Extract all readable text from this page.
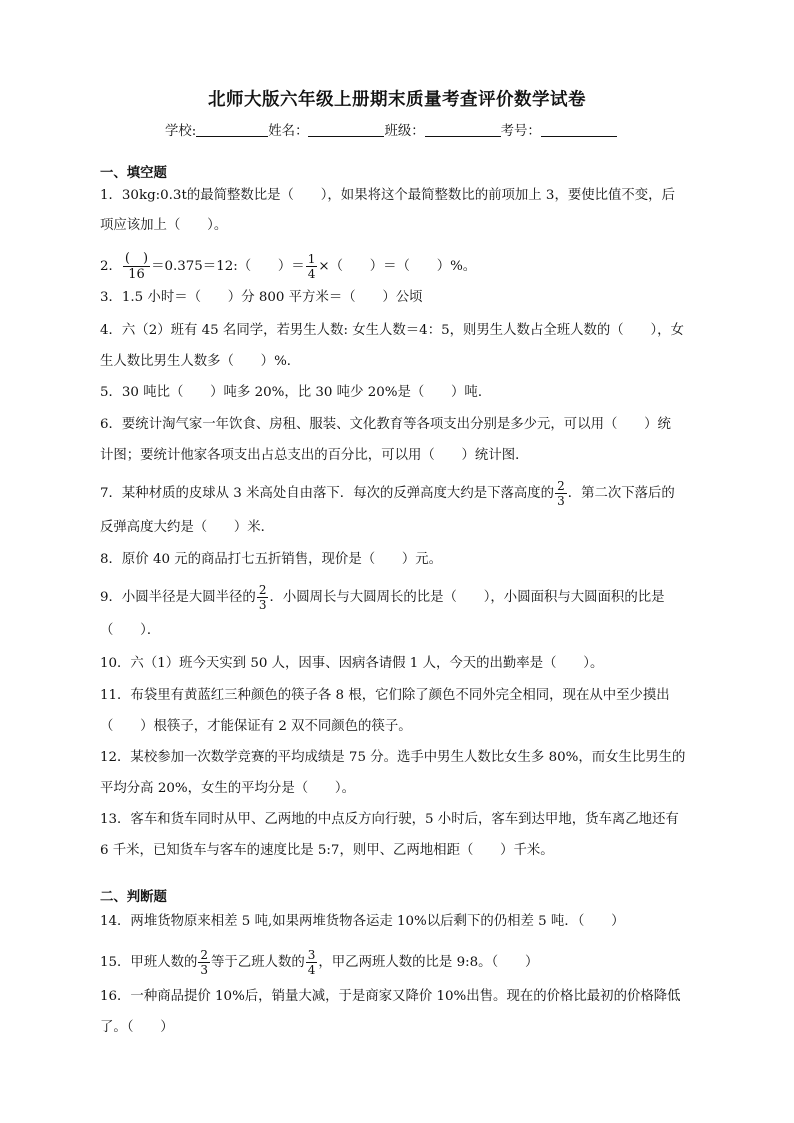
北师大版六年级上册期末质量考查评价数学试卷
学校:	姓名：	班级：	考号：
一、填空题
1．30kg:0.3t的最简整数比是（　　），如果将这个最简整数比的前项加上 3，要使比值不变，后
项应该加上（　　）。
2． $\frac{( )}{16}$ ＝0.375＝12:（　　）＝ $\frac{1}{4}$ ×（　　）＝（　　）%。
3．1.5 小时＝（　　）分 800 平方米＝（　　）公顷
4．六（2）班有 45 名同学，若男生人数: 女生人数＝4：5，则男生人数占全班人数的（　　），女
生人数比男生人数多（　　）%．
5．30 吨比（　　）吨多 20%，比 30 吨少 20%是（　　）吨．
6．要统计淘气家一年饮食、房租、服装、文化教育等各项支出分别是多少元，可以用（　　）统
计图；要统计他家各项支出占总支出的百分比，可以用（　　）统计图．
7．某种材质的皮球从 3 米高处自由落下．每次的反弹高度大约是下落高度的 $\frac{2}{3}$ ．第二次下落后的
反弹高度大约是（　　）米．
8．原价 40 元的商品打七五折销售，现价是（　　）元。
9．小圆半径是大圆半径的 $\frac{2}{3}$ ．小圆周长与大圆周长的比是（　　），小圆面积与大圆面积的比是
（　　）．
10．六（1）班今天实到 50 人，因事、因病各请假 1 人，今天的出勤率是（　　）。
11．布袋里有黄蓝红三种颜色的筷子各 8 根，它们除了颜色不同外完全相同，现在从中至少摸出
（　　）根筷子，才能保证有 2 双不同颜色的筷子。
12．某校参加一次数学竞赛的平均成绩是 75 分。选手中男生人数比女生多 80%，而女生比男生的
平均分高 20%，女生的平均分是（　　）。
13．客车和货车同时从甲、乙两地的中点反方向行驶，5 小时后，客车到达甲地，货车离乙地还有
6 千米，已知货车与客车的速度比是 5:7，则甲、乙两地相距（　　）千米。
二、判断题
14．两堆货物原来相差 5 吨,如果两堆货物各运走 10%以后剩下的仍相差 5 吨．（　　）
15．甲班人数的 $\frac{2}{3}$ 等于乙班人数的 $\frac{3}{4}$ ，甲乙两班人数的比是 9:8。（　　）
16．一种商品提价 10%后，销量大减，于是商家又降价 10%出售。现在的价格比最初的价格降低
了。（　　）
